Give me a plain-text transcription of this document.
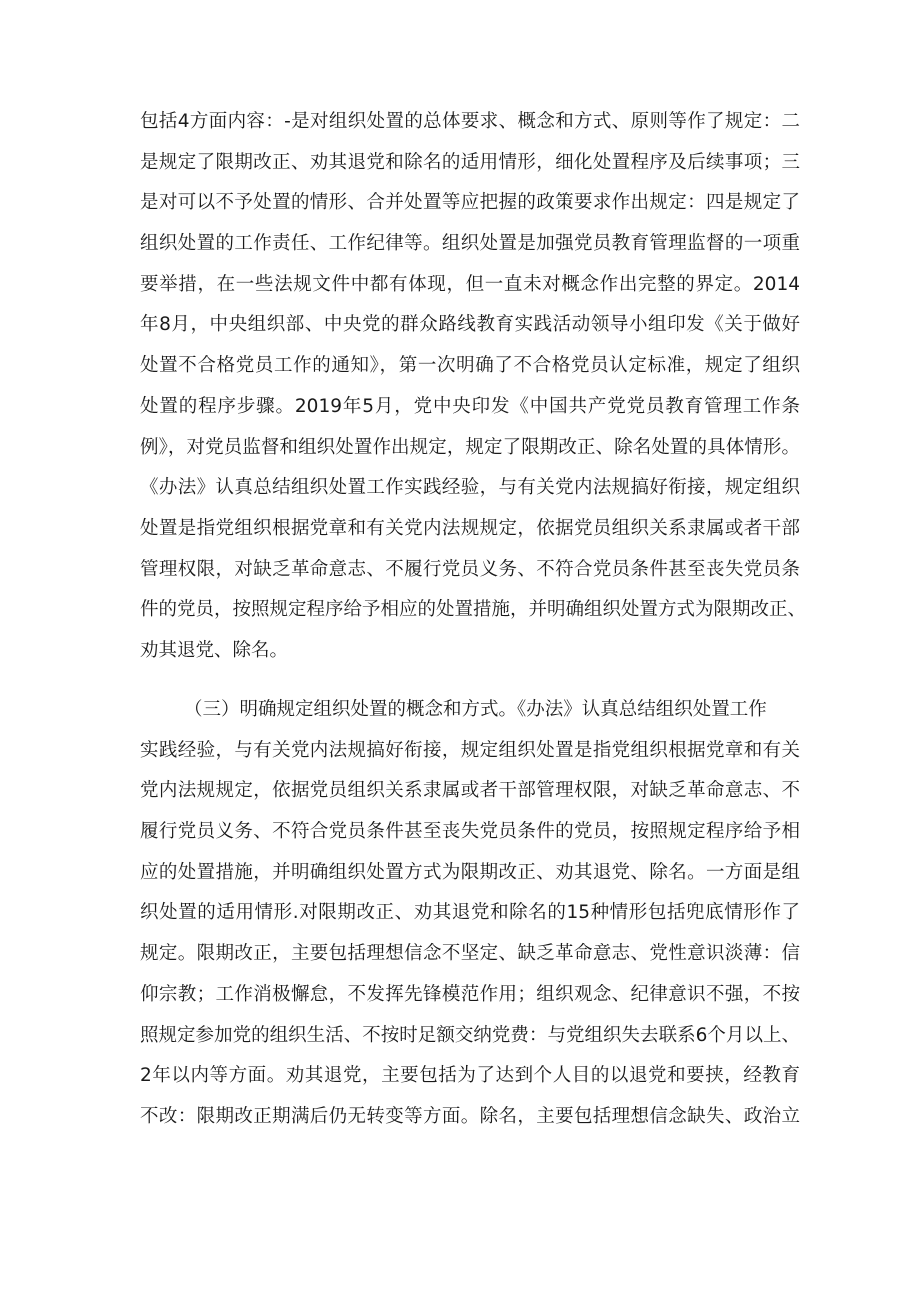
包括4方面内容：-是对组织处置的总体要求、概念和方式、原则等作了规定：二
是规定了限期改正、劝其退党和除名的适用情形，细化处置程序及后续事项；三
是对可以不予处置的情形、合并处置等应把握的政策要求作出规定：四是规定了
组织处置的工作责任、工作纪律等。组织处置是加强党员教育管理监督的一项重
要举措，在一些法规文件中都有体现，但一直未对概念作出完整的界定。2014
年8月，中央组织部、中央党的群众路线教育实践活动领导小组印发《关于做好
处置不合格党员工作的通知》，第一次明确了不合格党员认定标准，规定了组织
处置的程序步骤。2019年5月，党中央印发《中国共产党党员教育管理工作条
例》，对党员监督和组织处置作出规定，规定了限期改正、除名处置的具体情形。
《办法》认真总结组织处置工作实践经验，与有关党内法规搞好衔接，规定组织
处置是指党组织根据党章和有关党内法规规定，依据党员组织关系隶属或者干部
管理权限，对缺乏革命意志、不履行党员义务、不符合党员条件甚至丧失党员条
件的党员，按照规定程序给予相应的处置措施，并明确组织处置方式为限期改正、
劝其退党、除名。
（三）明确规定组织处置的概念和方式。《办法》认真总结组织处置工作
实践经验，与有关党内法规搞好衔接，规定组织处置是指党组织根据党章和有关
党内法规规定，依据党员组织关系隶属或者干部管理权限，对缺乏革命意志、不
履行党员义务、不符合党员条件甚至丧失党员条件的党员，按照规定程序给予相
应的处置措施，并明确组织处置方式为限期改正、劝其退党、除名。一方面是组
织处置的适用情形.对限期改正、劝其退党和除名的15种情形包括兜底情形作了
规定。限期改正，主要包括理想信念不坚定、缺乏革命意志、党性意识淡薄：信
仰宗教；工作消极懈怠，不发挥先锋模范作用；组织观念、纪律意识不强，不按
照规定参加党的组织生活、不按时足额交纳党费：与党组织失去联系6个月以上、
2年以内等方面。劝其退党，主要包括为了达到个人目的以退党和要挟，经教育
不改：限期改正期满后仍无转变等方面。除名，主要包括理想信念缺失、政治立
